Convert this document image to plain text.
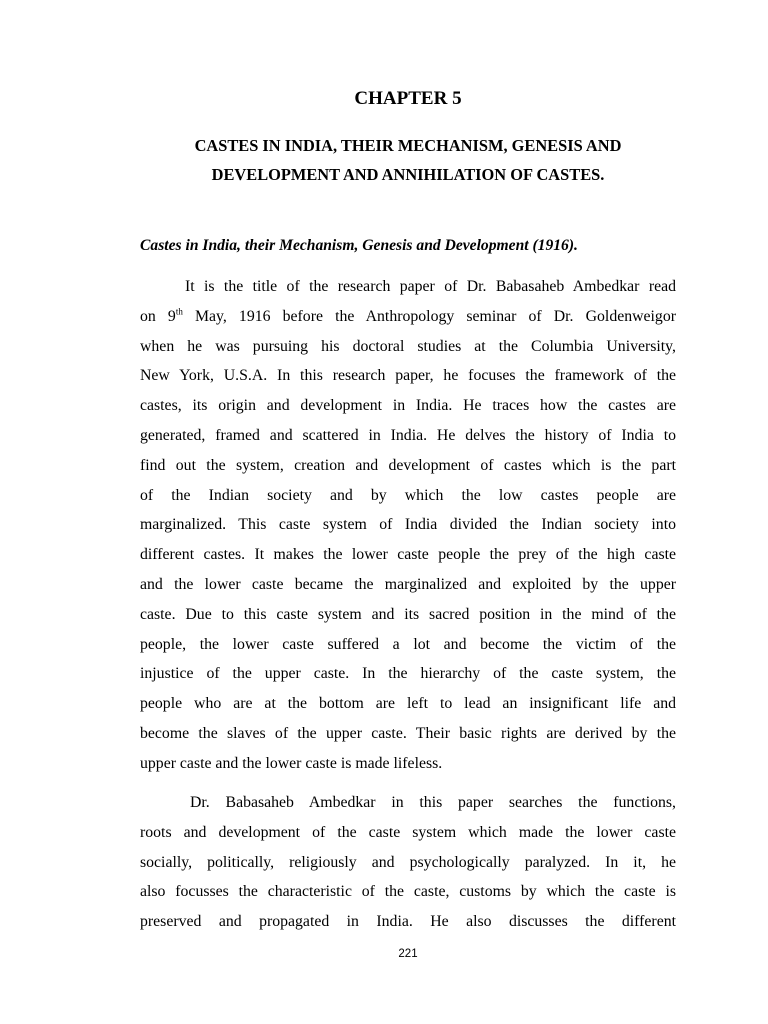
CHAPTER 5
CASTES IN INDIA, THEIR MECHANISM, GENESIS AND
DEVELOPMENT AND ANNIHILATION OF CASTES.
Castes in India, their Mechanism, Genesis and Development (1916).
It is the title of the research paper of Dr. Babasaheb Ambedkar read
on 9th May, 1916 before the Anthropology seminar of Dr. Goldenweigor
when he was pursuing his doctoral studies at the Columbia University,
New York, U.S.A. In this research paper, he focuses the framework of the
castes, its origin and development in India. He traces how the castes are
generated, framed and scattered in India. He delves the history of India to
find out the system, creation and development of castes which is the part
of the Indian society and by which the low castes people are
marginalized. This caste system of India divided the Indian society into
different castes. It makes the lower caste people the prey of the high caste
and the lower caste became the marginalized and exploited by the upper
caste. Due to this caste system and its sacred position in the mind of the
people, the lower caste suffered a lot and become the victim of the
injustice of the upper caste. In the hierarchy of the caste system, the
people who are at the bottom are left to lead an insignificant life and
become the slaves of the upper caste. Their basic rights are derived by the
upper caste and the lower caste is made lifeless.
Dr. Babasaheb Ambedkar in this paper searches the functions,
roots and development of the caste system which made the lower caste
socially, politically, religiously and psychologically paralyzed. In it, he
also focusses the characteristic of the caste, customs by which the caste is
preserved and propagated in India. He also discusses the different
221
